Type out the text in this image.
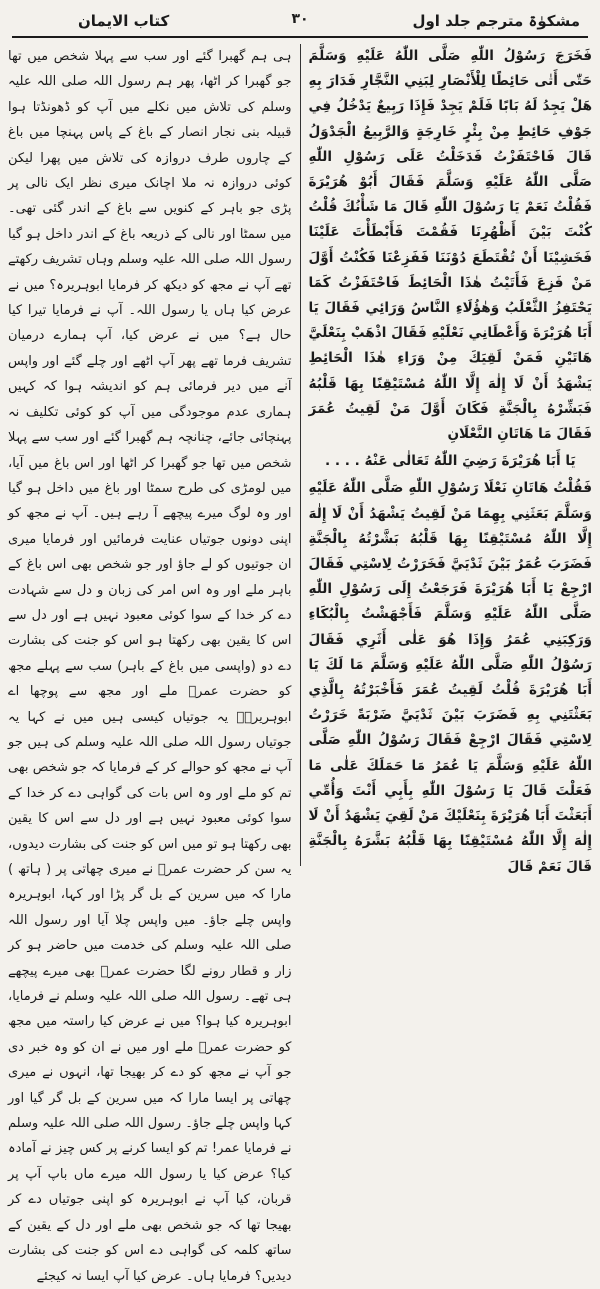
مشکوٰۃ مترجم جلد اول
۳۰
کتاب الایمان
فَخَرَجَ رَسُوْلُ اللّٰهِ صَلَّى اللّٰهُ عَلَيْهِ وَسَلَّمَ حَتّٰى أَتٰى حَائِطًا لِلْأَنْصَارِ لِبَنِي النَّجَّارِ فَدَارَ بِهِ هَلْ يَجِدُ لَهُ بَابًا فَلَمْ يَجِدْ فَإِذَا رَبِيعٌ يَدْخُلُ فِي جَوْفِ حَائِطٍ مِنْ بِئْرٍ خَارِجَةٍ وَالرَّبِيعُ الْجَدْوَلُ قَالَ فَاحْتَفَزْتُ فَدَخَلْتُ عَلَى رَسُوْلِ اللّٰهِ صَلَّى اللّٰهُ عَلَيْهِ وَسَلَّمَ فَقَالَ أَبُوْ هُرَيْرَةَ فَقُلْتُ نَعَمْ يَا رَسُوْلَ اللّٰهِ قَالَ مَا شَأْنُكَ قُلْتُ كُنْتَ بَيْنَ أَظْهُرِنَا فَقُمْتَ فَأَبْطَأْتَ عَلَيْنَا فَخَشِيْنَا أَنْ تُقْتَطَعَ دُوْنَنَا فَفَزِعْنَا فَكُنْتُ أَوَّلَ مَنْ فَزِعَ فَأَتَيْتُ هٰذَا الْحَائِطَ فَاحْتَفَزْتُ كَمَا يَحْتَفِزُ الثَّعْلَبُ وَهٰؤُلَاءِ النَّاسُ وَرَائِي فَقَالَ يَا أَبَا هُرَيْرَةَ وَأَعْطَانِي نَعْلَيْهِ فَقَالَ اذْهَبْ بِنَعْلَيَّ هَاتَيْنِ فَمَنْ لَقِيَكَ مِنْ وَرَاءِ هٰذَا الْحَائِطِ يَشْهَدُ أَنْ لَا إِلٰهَ إِلَّا اللّٰهُ مُسْتَيْقِنًا بِهَا قَلْبُهُ فَبَشِّرْهُ بِالْجَنَّةِ فَكَانَ أَوَّلَ مَنْ لَقِيتُ عُمَرَ فَقَالَ مَا هَاتَانِ النَّعْلَانِ
يَا أَبَا هُرَيْرَةَ رَضِيَ اللّٰهُ تَعَالٰى عَنْهُ . . . .
فَقُلْتُ هَاتَانِ نَعْلَا رَسُوْلِ اللّٰهِ صَلَّى اللّٰهُ عَلَيْهِ وَسَلَّمَ بَعَثَنِي بِهِمَا مَنْ لَقِيتُ يَشْهَدُ أَنْ لَا إِلٰهَ إِلَّا اللّٰهُ مُسْتَيْقِنًا بِهَا قَلْبُهُ بَشَّرْتُهُ بِالْجَنَّةِ فَضَرَبَ عُمَرُ بَيْنَ ثَدْيَيَّ فَخَرَرْتُ لِاسْتِي فَقَالَ ارْجِعْ يَا أَبَا هُرَيْرَةَ فَرَجَعْتُ إِلَى رَسُوْلِ اللّٰهِ صَلَّى اللّٰهُ عَلَيْهِ وَسَلَّمَ فَأَجْهَشْتُ بِالْبُكَاءِ وَرَكِبَنِي عُمَرُ وَإِذَا هُوَ عَلٰى أَثَرِي فَقَالَ رَسُوْلُ اللّٰهِ صَلَّى اللّٰهُ عَلَيْهِ وَسَلَّمَ مَا لَكَ يَا أَبَا هُرَيْرَةَ قُلْتُ لَقِيتُ عُمَرَ فَأَخْبَرْتُهُ بِالَّذِي بَعَثْتَنِي بِهِ فَضَرَبَ بَيْنَ ثَدْيَيَّ ضَرْبَةً خَرَرْتُ لِاسْتِي فَقَالَ ارْجِعْ فَقَالَ رَسُوْلُ اللّٰهِ صَلَّى اللّٰهُ عَلَيْهِ وَسَلَّمَ يَا عُمَرُ مَا حَمَلَكَ عَلٰى مَا فَعَلْتَ قَالَ يَا رَسُوْلَ اللّٰهِ بِأَبِي أَنْتَ وَأُمِّي أَبَعَثْتَ أَبَا هُرَيْرَةَ بِنَعْلَيْكَ مَنْ لَقِيَ يَشْهَدُ أَنْ لَا إِلٰهَ إِلَّا اللّٰهُ مُسْتَيْقِنًا بِهَا قَلْبُهُ بَشَّرَهُ بِالْجَنَّةِ قَالَ نَعَمْ قَالَ
ہی ہم گھبرا گئے اور سب سے پہلا شخص میں تھا جو گھبرا کر اٹھا، پھر ہم رسول اللہ صلی اللہ علیہ وسلم کی تلاش میں نکلے میں آپ کو ڈھونڈتا ہوا قبیلہ بنی نجار انصار کے باغ کے پاس پہنچا میں باغ کے چاروں طرف دروازہ کی تلاش میں پھرا لیکن کوئی دروازہ نہ ملا اچانک میری نظر ایک نالی پر پڑی جو باہر کے کنویں سے باغ کے اندر گئی تھی۔ میں سمٹا اور نالی کے ذریعہ باغ کے اندر داخل ہو گیا رسول اللہ صلی اللہ علیہ وسلم وہاں تشریف رکھتے تھے آپ نے مجھ کو دیکھ کر فرمایا ابوہریرہ؟ میں نے عرض کیا ہاں یا رسول اللہ۔ آپ نے فرمایا تیرا کیا حال ہے؟ میں نے عرض کیا، آپ ہمارے درمیان تشریف فرما تھے پھر آپ اٹھے اور چلے گئے اور واپس آنے میں دیر فرمائی ہم کو اندیشہ ہوا کہ کہیں ہماری عدم موجودگی میں آپ کو کوئی تکلیف نہ پہنچائی جائے، چنانچہ ہم گھبرا گئے اور سب سے پہلا شخص میں تھا جو گھبرا کر اٹھا اور اس باغ میں آیا، میں لومڑی کی طرح سمٹا اور باغ میں داخل ہو گیا اور وہ لوگ میرے پیچھے آ رہے ہیں۔ آپ نے مجھ کو اپنی دونوں جوتیاں عنایت فرمائیں اور فرمایا میری ان جوتیوں کو لے جاؤ اور جو شخص بھی اس باغ کے باہر ملے اور وہ اس امر کی زبان و دل سے شہادت دے کر خدا کے سوا کوئی معبود نہیں ہے اور دل سے اس کا یقین بھی رکھتا ہو اس کو جنت کی بشارت دے دو (واپسی میں باغ کے باہر) سب سے پہلے مجھ کو حضرت عمرؓ ملے اور مجھ سے پوچھا اے ابوہریرہؓ یہ جوتیاں کیسی ہیں میں نے کہا یہ جوتیاں رسول اللہ صلی اللہ علیہ وسلم کی ہیں جو آپ نے مجھ کو حوالے کر کے فرمایا کہ جو شخص بھی تم کو ملے اور وہ اس بات کی گواہی دے کر خدا کے سوا کوئی معبود نہیں ہے اور دل سے اس کا یقین بھی رکھتا ہو تو میں اس کو جنت کی بشارت دیدوں، یہ سن کر حضرت عمرؓ نے میری چھاتی پر ( ہاتھ ) مارا کہ میں سرین کے بل گر پڑا اور کہا، ابوہریرہ واپس چلے جاؤ۔ میں واپس چلا آیا اور رسول اللہ صلی اللہ علیہ وسلم کی خدمت میں حاضر ہو کر زار و قطار رونے لگا حضرت عمرؓ بھی میرے پیچھے ہی تھے۔ رسول اللہ صلی اللہ علیہ وسلم نے فرمایا، ابوہریرہ کیا ہوا؟ میں نے عرض کیا راستہ میں مجھ کو حضرت عمرؓ ملے اور میں نے ان کو وہ خبر دی جو آپ نے مجھ کو دے کر بھیجا تھا، انہوں نے میری چھاتی پر ایسا مارا کہ میں سرین کے بل گر گیا اور کہا واپس چلے جاؤ۔ رسول اللہ صلی اللہ علیہ وسلم نے فرمایا عمر! تم کو ایسا کرنے پر کس چیز نے آمادہ کیا؟ عرض کیا یا رسول اللہ میرے ماں باپ آپ پر قربان، کیا آپ نے ابوہریرہ کو اپنی جوتیاں دے کر بھیجا تھا کہ جو شخص بھی ملے اور دل کے یقین کے ساتھ کلمہ کی گواہی دے اس کو جنت کی بشارت دیدیں؟ فرمایا ہاں۔ عرض کیا آپ ایسا نہ کیجئے
